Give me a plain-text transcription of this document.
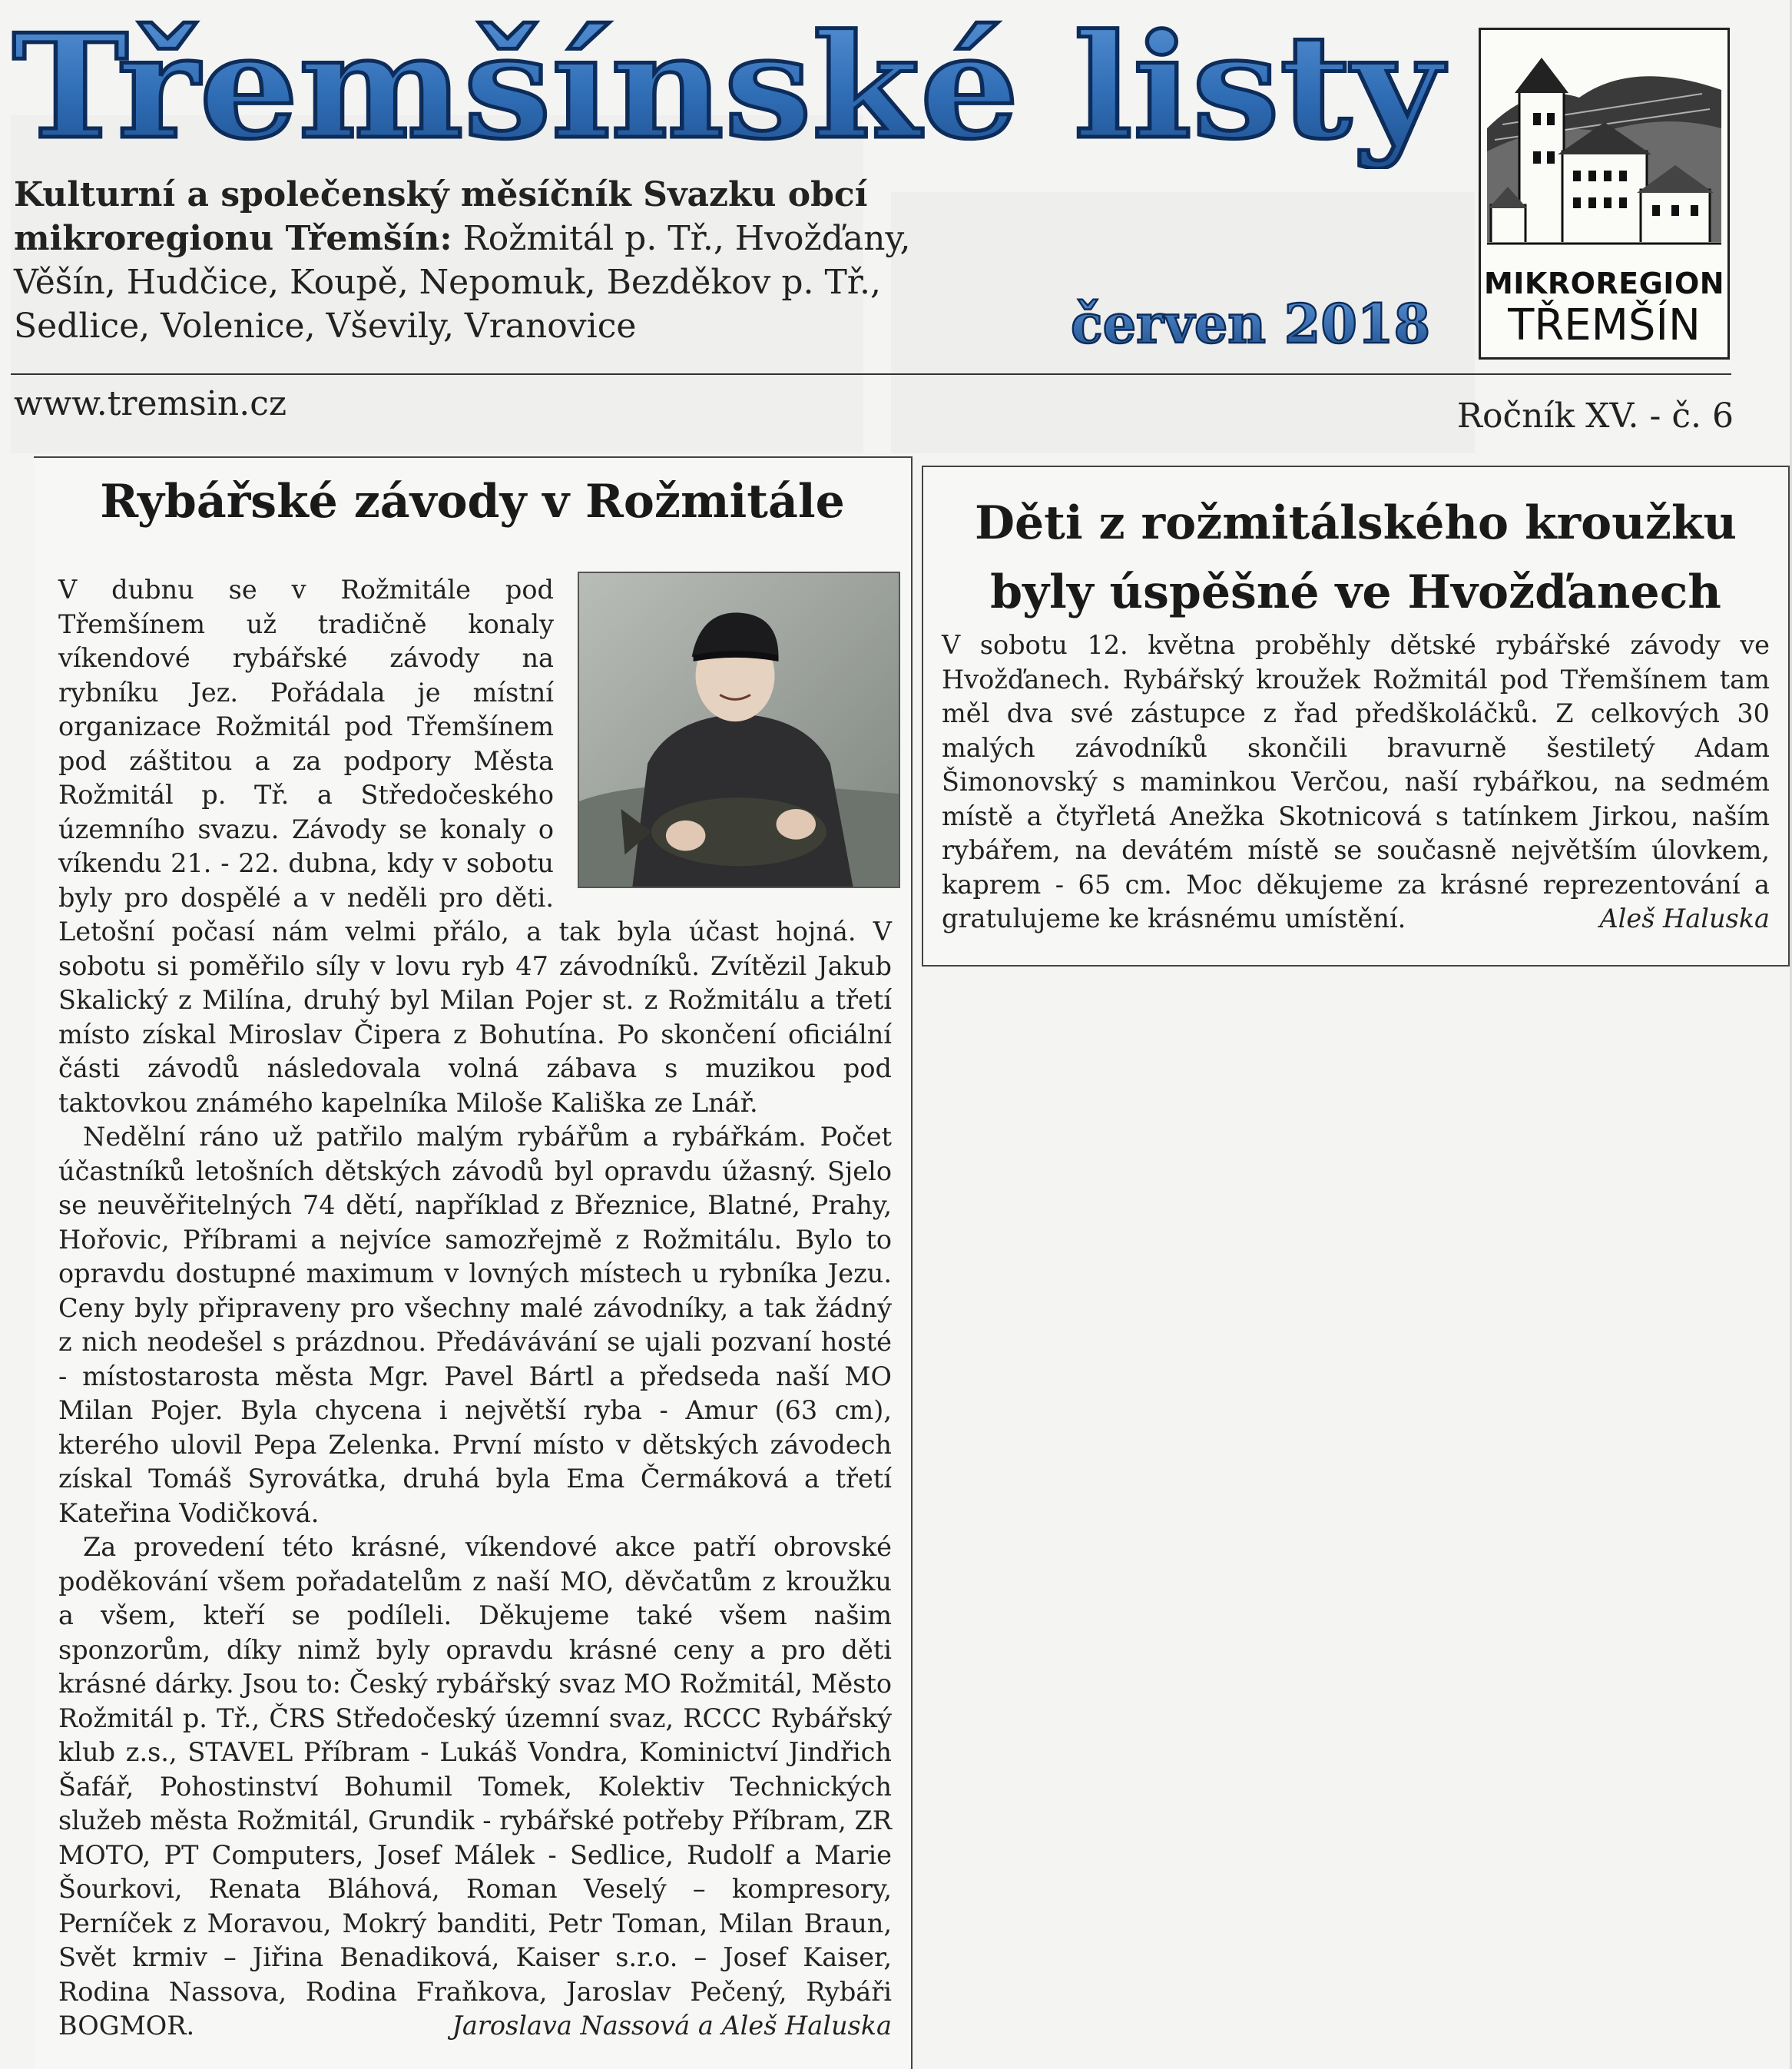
Třemšínské listy
Kulturní a společenský měsíčník Svazku obcí mikroregionu Třemšín: Rožmitál p. Tř., Hvožďany, Věšín, Hudčice, Koupě, Nepomuk, Bezděkov p. Tř., Sedlice, Volenice, Vševily, Vranovice	červen 2018
MIKROREGION
TŘEMŠÍN
www.tremsin.cz	Ročník XV. - č. 6
Rybářské závody v Rožmitále

V dubnu se v Rožmitále pod Třemšínem už tradičně konaly víkendové rybářské závody na rybníku Jez. Pořádala je místní organizace Rožmitál pod Třemšínem pod záštitou a za podpory Města Rožmitál p. Tř. a Středočeského územního svazu. Závody se konaly o víkendu 21. - 22. dubna, kdy v sobotu byly pro dospělé a v neděli pro děti. Letošní počasí nám velmi přálo, a tak byla účast hojná. V sobotu si poměřilo síly v lovu ryb 47 závodníků. Zvítězil Jakub Skalický z Milína, druhý byl Milan Pojer st. z Rožmitálu a třetí místo získal Miroslav Čipera z Bohutína. Po skončení oficiální části závodů následovala volná zábava s muzikou pod taktovkou známého kapelníka Miloše Kališka ze Lnář.

Nedělní ráno už patřilo malým rybářům a rybářkám. Počet účastníků letošních dětských závodů byl opravdu úžasný. Sjelo se neuvěřitelných 74 dětí, například z Březnice, Blatné, Prahy, Hořovic, Příbrami a nejvíce samozřejmě z Rožmitálu. Bylo to opravdu dostupné maximum v lovných místech u rybníka Jezu. Ceny byly připraveny pro všechny malé závodníky, a tak žádný z nich neodešel s prázdnou. Předávávání se ujali pozvaní hosté - místostarosta města Mgr. Pavel Bártl a předseda naší MO Milan Pojer. Byla chycena i největší ryba - Amur (63 cm), kterého ulovil Pepa Zelenka. První místo v dětských závodech získal Tomáš Syrovátka, druhá byla Ema Čermáková a třetí Kateřina Vodičková.

Za provedení této krásné, víkendové akce patří obrovské poděkování všem pořadatelům z naší MO, děvčatům z kroužku a všem, kteří se podíleli. Děkujeme také všem našim sponzorům, díky nimž byly opravdu krásné ceny a pro děti krásné dárky. Jsou to: Český rybářský svaz MO Rožmitál, Město Rožmitál p. Tř., ČRS Středočeský územní svaz, RCCC Rybářský klub z.s., STAVEL Příbram - Lukáš Vondra, Kominictví Jindřich Šafář, Pohostinství Bohumil Tomek, Kolektiv Technických služeb města Rožmitál, Grundik - rybářské potřeby Příbram, ZR MOTO, PT Computers, Josef Málek - Sedlice, Rudolf a Marie Šourkovi, Renata Bláhová, Roman Veselý – kompresory, Perníček z Moravou, Mokrý banditi, Petr Toman, Milan Braun, Svět krmiv – Jiřina Benadiková, Kaiser s.r.o. – Josef Kaiser, Rodina Nassova, Rodina Fraňkova, Jaroslav Pečený, Rybáři BOGMOR.	Jaroslava Nassová a Aleš Haluska

Děti z rožmitálského kroužku
byly úspěšné ve Hvožďanech

V sobotu 12. května proběhly dětské rybářské závody ve Hvožďanech. Rybářský kroužek Rožmitál pod Třemšínem tam měl dva své zástupce z řad předškoláčků. Z celkových 30 malých závodníků skončili bravurně šestiletý Adam Šimonovský s maminkou Verčou, naší rybářkou, na sedmém místě a čtyřletá Anežka Skotnicová s tatínkem Jirkou, naším rybářem, na devátém místě se současně největším úlovkem, kaprem - 65 cm. Moc děkujeme za krásné reprezentování a gratulujeme ke krásnému umístění.	Aleš Haluska
